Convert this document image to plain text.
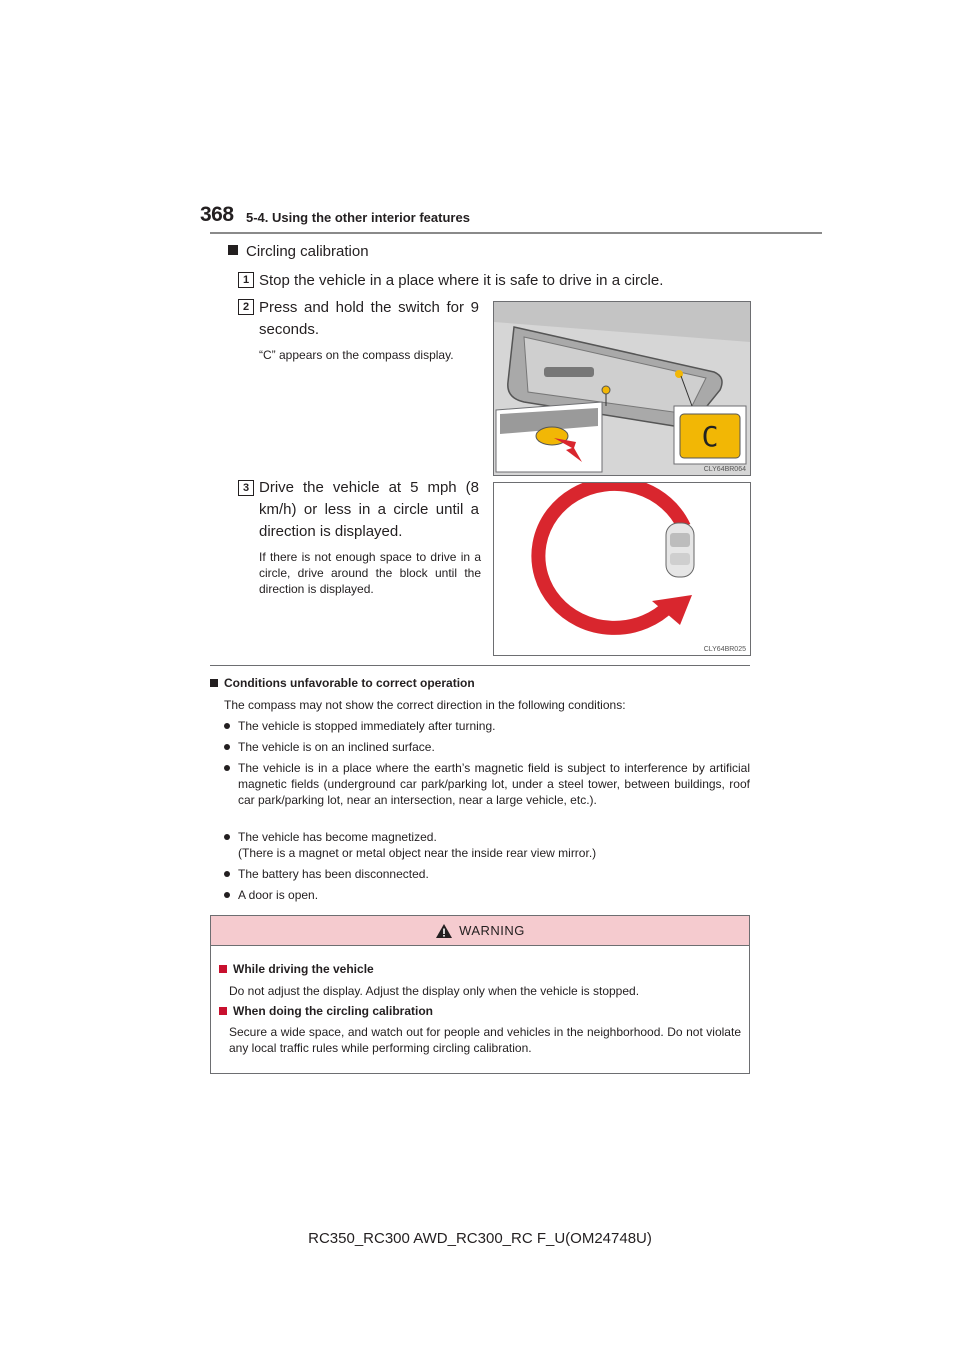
368 5-4. Using the other interior features
Circling calibration
1 Stop the vehicle in a place where it is safe to drive in a circle.
2 Press and hold the switch for 9 seconds.
“C” appears on the compass display.
C
CLY64BR064
3 Drive the vehicle at 5 mph (8 km/h) or less in a circle until a direction is displayed.
If there is not enough space to drive in a circle, drive around the block until the direction is displayed.
CLY64BR025
Conditions unfavorable to correct operation
The compass may not show the correct direction in the following conditions:
The vehicle is stopped immediately after turning.
The vehicle is on an inclined surface.
The vehicle is in a place where the earth’s magnetic field is subject to interference by artificial magnetic fields (underground car park/parking lot, under a steel tower, between buildings, roof car park/parking lot, near an intersection, near a large vehicle, etc.).
The vehicle has become magnetized.
(There is a magnet or metal object near the inside rear view mirror.)
The battery has been disconnected.
A door is open.
WARNING
While driving the vehicle
Do not adjust the display. Adjust the display only when the vehicle is stopped.
When doing the circling calibration
Secure a wide space, and watch out for people and vehicles in the neighborhood. Do not violate any local traffic rules while performing circling calibration.
RC350_RC300 AWD_RC300_RC F_U(OM24748U)
